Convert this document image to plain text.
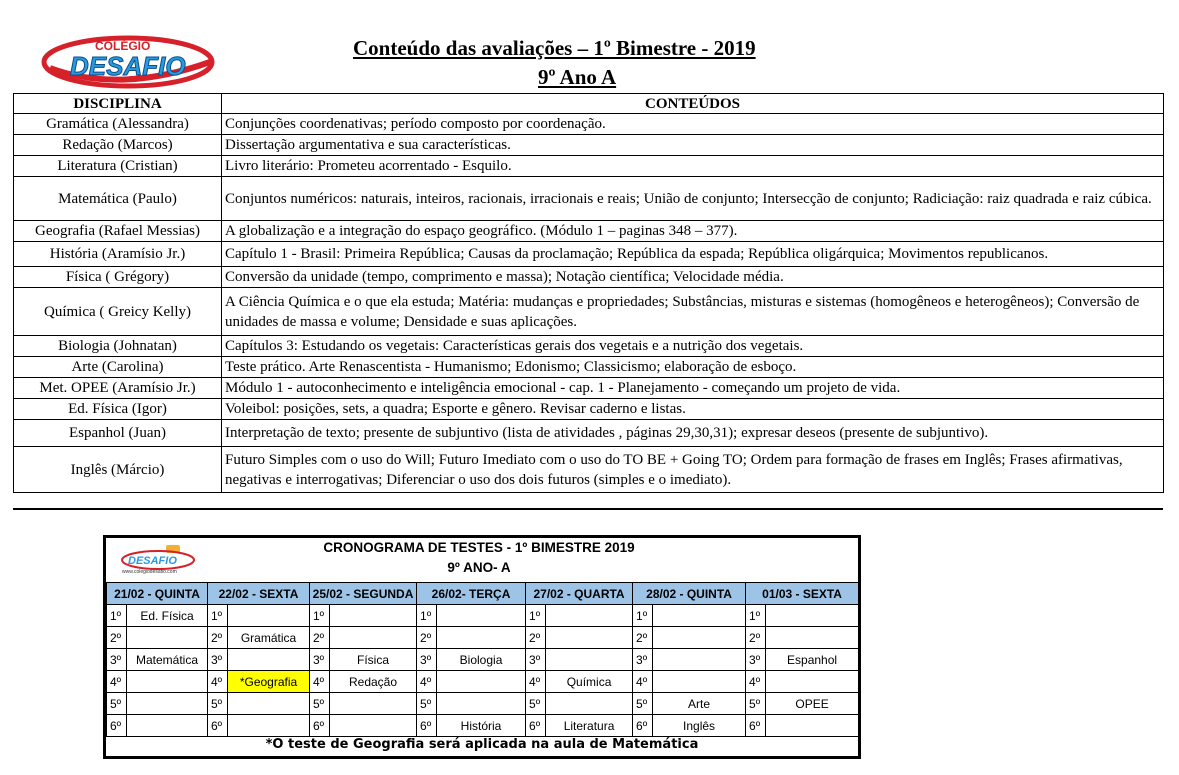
COLÉGIO
DESAFIO
Conteúdo das avaliações – 1º Bimestre - 2019
9º Ano A
DISCIPLINA	CONTEÚDOS
Gramática (Alessandra)	Conjunções coordenativas; período composto por coordenação.
Redação (Marcos)	Dissertação argumentativa e sua características.
Literatura (Cristian)	Livro literário: Prometeu acorrentado - Esquilo.
Matemática (Paulo)	Conjuntos numéricos: naturais, inteiros, racionais, irracionais e reais; União de conjunto; Intersecção de conjunto; Radiciação: raiz quadrada e raiz cúbica.
Geografia (Rafael Messias)	A globalização e a integração do espaço geográfico. (Módulo 1 – paginas 348 – 377).
História (Aramísio Jr.)	Capítulo 1 - Brasil: Primeira República; Causas da proclamação; República da espada; República oligárquica; Movimentos republicanos.
Física ( Grégory)	Conversão da unidade (tempo, comprimento e massa); Notação científica; Velocidade média.
Química ( Greicy Kelly)	A Ciência Química e o que ela estuda; Matéria: mudanças e propriedades; Substâncias, misturas e sistemas (homogêneos e heterogêneos); Conversão de unidades de massa e volume; Densidade e suas aplicações.
Biologia (Johnatan)	Capítulos 3: Estudando os vegetais: Características gerais dos vegetais e a nutrição dos vegetais.
Arte (Carolina)	Teste prático. Arte Renascentista - Humanismo; Edonismo; Classicismo; elaboração de esboço.
Met. OPEE (Aramísio Jr.)	Módulo 1 - autoconhecimento e inteligência emocional - cap. 1 - Planejamento - começando um projeto de vida.
Ed. Física (Igor)	Voleibol: posições, sets, a quadra; Esporte e gênero. Revisar caderno e listas.
Espanhol (Juan)	Interpretação de texto; presente de subjuntivo (lista de atividades , páginas 29,30,31); expresar deseos (presente de subjuntivo).
Inglês (Márcio)	Futuro Simples com o uso do Will; Futuro Imediato com o uso do TO BE + Going TO; Ordem para formação de frases em Inglês; Frases afirmativas, negativas e interrogativas; Diferenciar o uso dos dois futuros (simples e o imediato).
DESAFIO
www.colegiodesafio.com
CRONOGRAMA DE TESTES - 1º BIMESTRE 2019
9º ANO- A
21/02 - QUINTA		22/02 - SEXTA		25/02 - SEGUNDA		26/02- TERÇA		27/02 - QUARTA		28/02 - QUINTA		01/03 - SEXTA	
1º	Ed. Física	1º		1º		1º		1º		1º		1º	
2º		2º	Gramática	2º		2º		2º		2º		2º	
3º	Matemática	3º		3º	Física	3º	Biologia	3º		3º		3º	Espanhol
4º		4º	*Geografia	4º	Redação	4º		4º	Química	4º		4º	
5º		5º		5º		5º		5º		5º	Arte	5º	OPEE
6º		6º		6º		6º	História	6º	Literatura	6º	Inglês	6º	
*O teste de Geografia será aplicada na aula de Matemática
